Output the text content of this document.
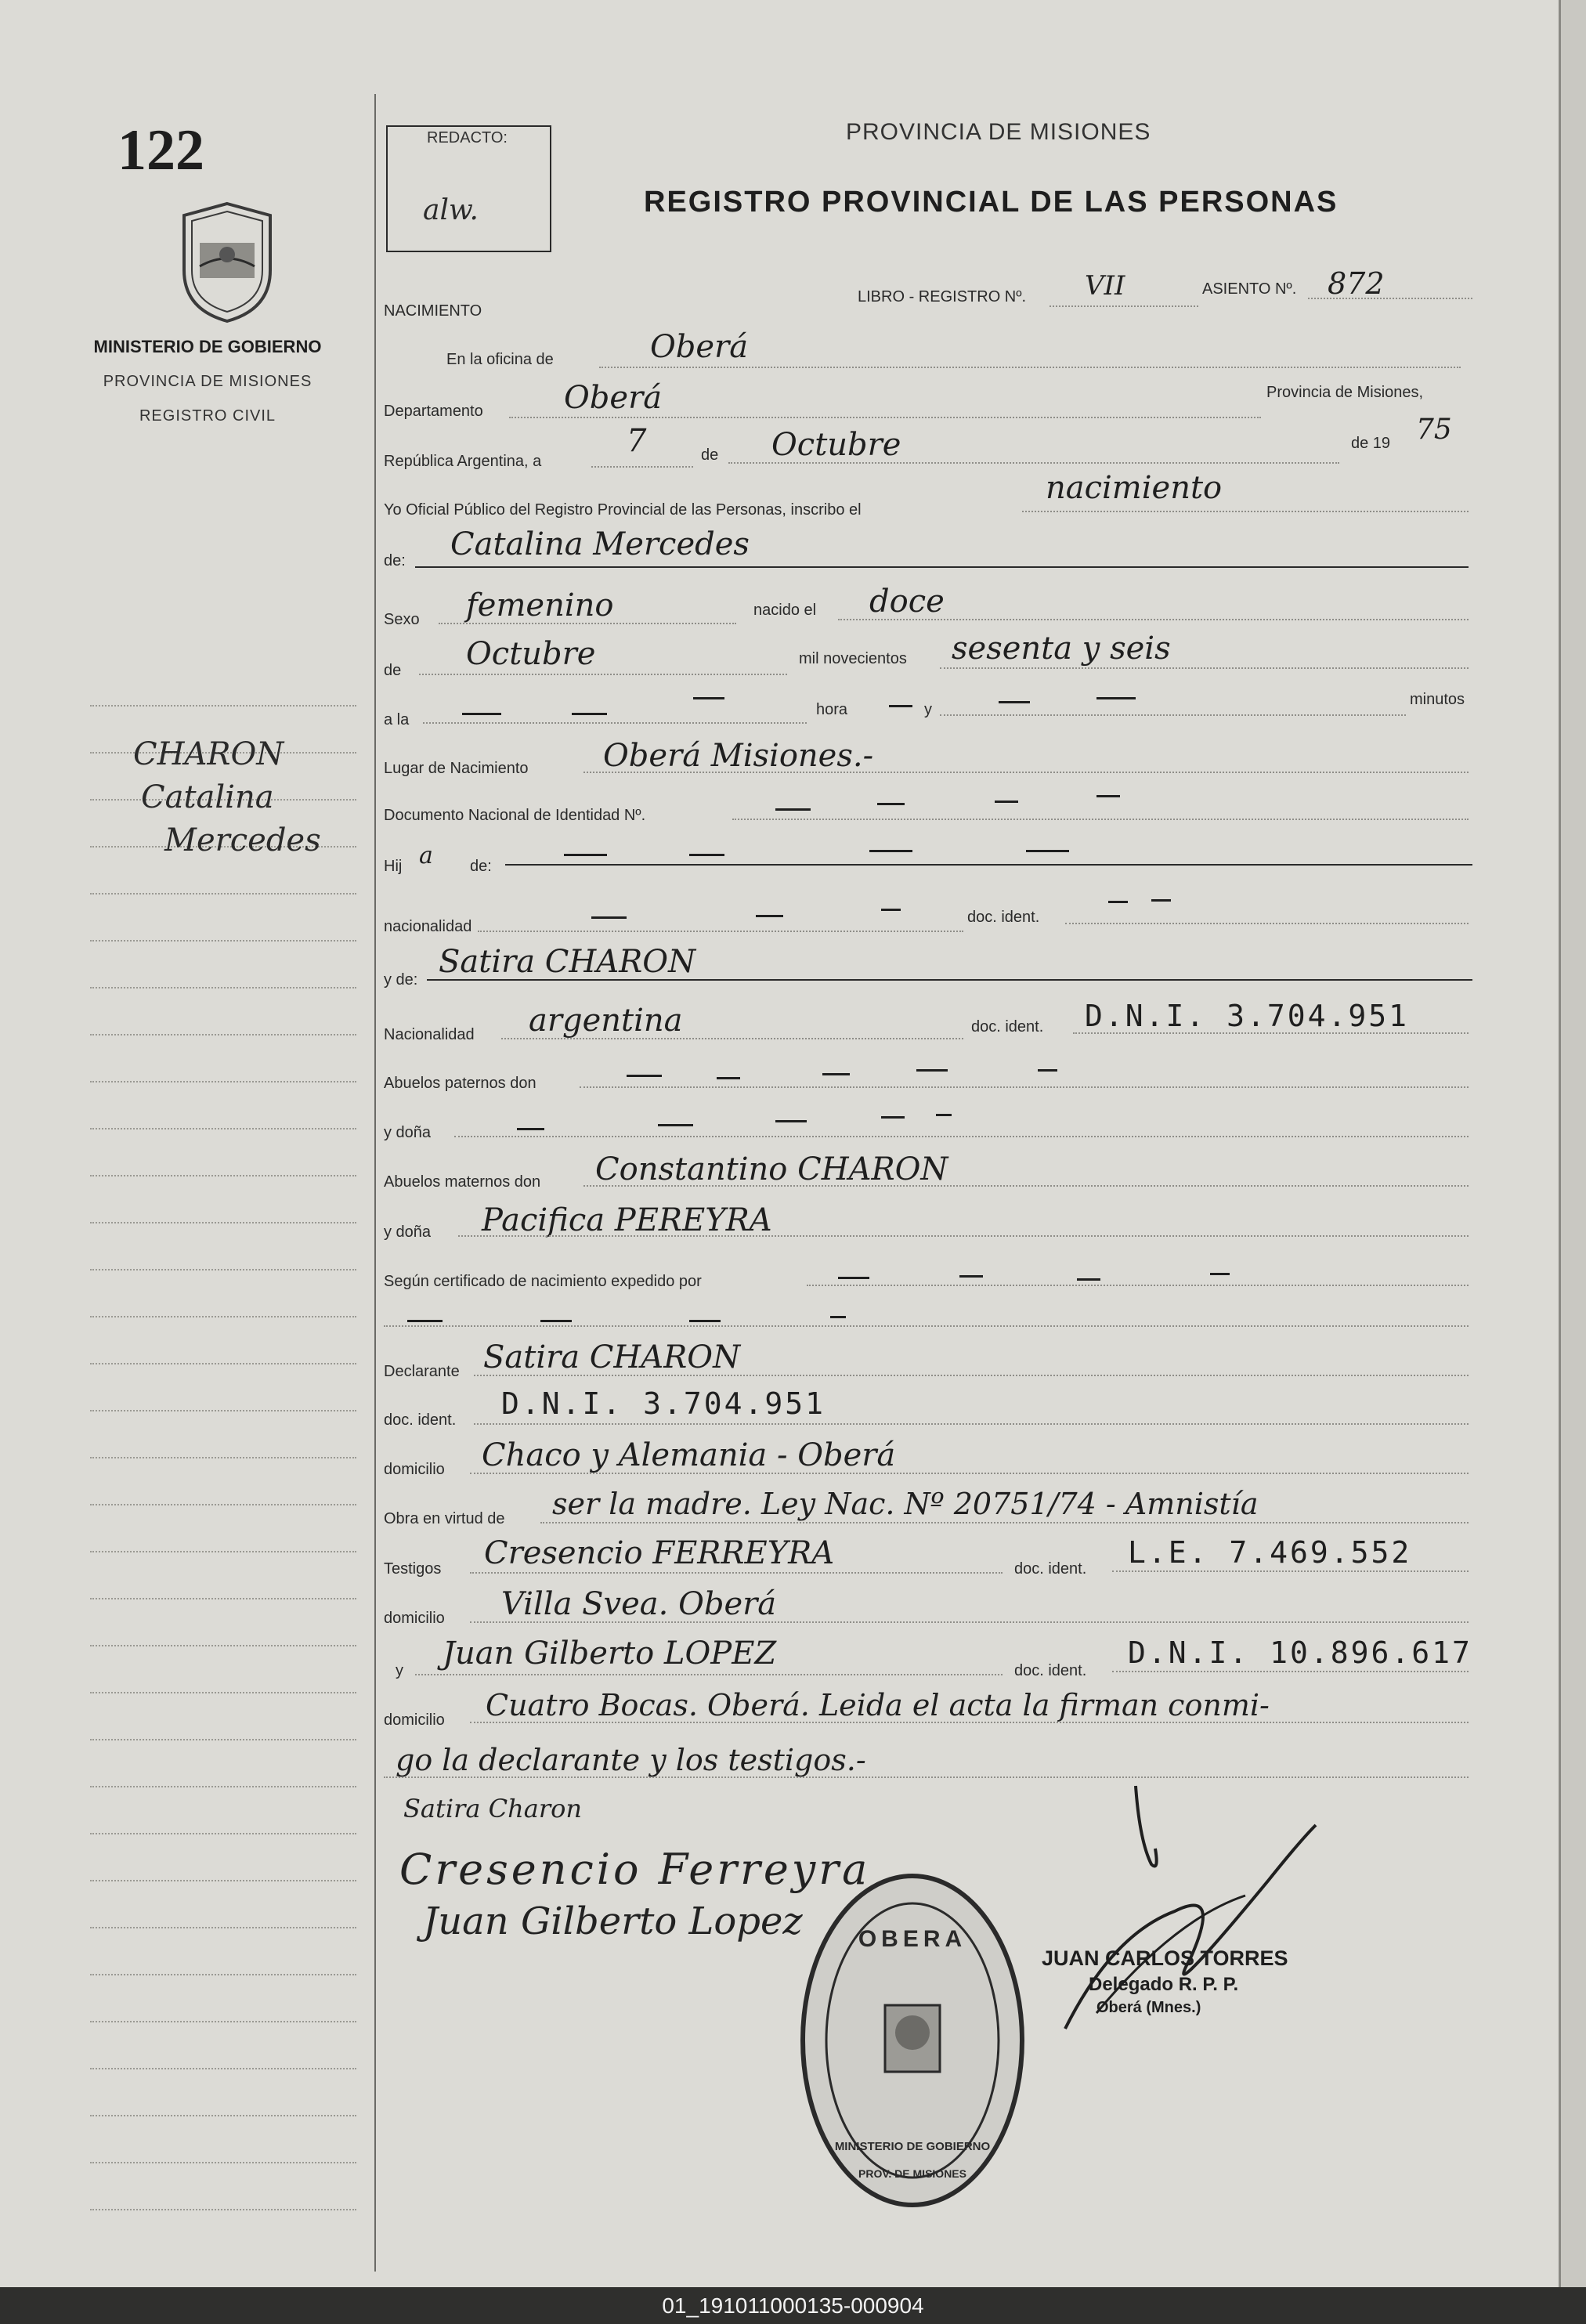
122
MINISTERIO DE GOBIERNO
PROVINCIA DE MISIONES
REGISTRO CIVIL
CHARON
Catalina
Mercedes
REDACTO:
alw.
PROVINCIA DE MISIONES
REGISTRO PROVINCIAL DE LAS PERSONAS
NACIMIENTO
LIBRO - REGISTRO Nº. VII	ASIENTO Nº. 872
En la oficina de	Oberá
Departamento	Oberá	Provincia de Misiones,
República Argentina, a
7	de Octubre	de 19 75
Yo Oficial Público del Registro Provincial de las Personas, inscribo el
nacimiento
de: Catalina Mercedes
Sexo femenino	nacido el doce
de Octubre	mil novecientos sesenta y seis
a la
hora	y
minutos
Lugar de Nacimiento Oberá Misiones.-
Documento Nacional de Identidad Nº.
Hij a de:
nacionalidad
doc. ident.
y de: Satira CHARON
Nacionalidad argentina	doc. ident. D.N.I. 3.704.951
Abuelos paternos don
y doña
Abuelos maternos don Constantino CHARON
y doña Pacifica PEREYRA
Según certificado de nacimiento expedido por
Declarante Satira CHARON
doc. ident. D.N.I. 3.704.951
domicilio Chaco y Alemania - Oberá
Obra en virtud de ser la madre. Ley Nac. Nº 20751/74 - Amnistía
Testigos Cresencio FERREYRA	doc. ident. L.E. 7.469.552
domicilio Villa Svea. Oberá
y Juan Gilberto LOPEZ	doc. ident.
D.N.I. 10.896.617
domicilio Cuatro Bocas. Oberá. Leida el acta la firman conmi-
go la declarante y los testigos.-
Satira Charon
Cresencio Ferreyra
Juan Gilberto Lopez OBERA
MINISTERIO DE GOBIERNO
PROV. DE MISIONES
JUAN CARLOS TORRES
Delegado R. P. P.
Oberá (Mnes.)
01_191011000135-000904
